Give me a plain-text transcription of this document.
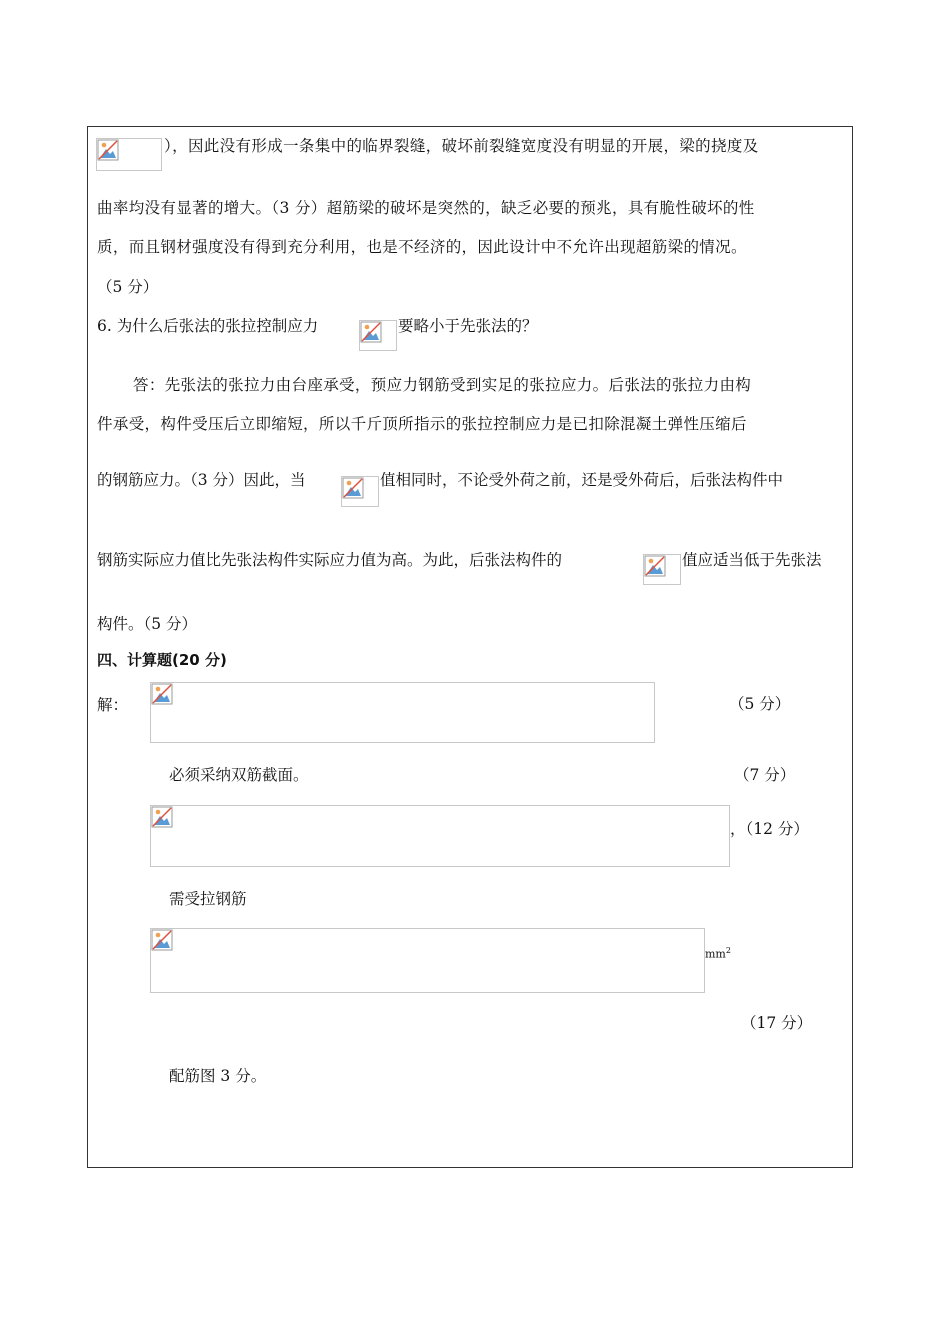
），因此没有形成一条集中的临界裂缝，破坏前裂缝宽度没有明显的开展，梁的挠度及
曲率均没有显著的增大。（3 分）超筋梁的破坏是突然的，缺乏必要的预兆，具有脆性破坏的性
质，而且钢材强度没有得到充分利用，也是不经济的，因此设计中不允许出现超筋梁的情况。
（5 分）
6. 为什么后张法的张拉控制应力	要略小于先张法的？
答：先张法的张拉力由台座承受，预应力钢筋受到实足的张拉应力。后张法的张拉力由构
件承受，构件受压后立即缩短，所以千斤顶所指示的张拉控制应力是已扣除混凝土弹性压缩后
的钢筋应力。（3 分）因此，当	值相同时，不论受外荷之前，还是受外荷后，后张法构件中
钢筋实际应力值比先张法构件实际应力值为高。为此，后张法构件的	值应适当低于先张法
构件。（5 分）
四、计算题(20 分)
解：	（5 分）
必须采纳双筋截面。	（7 分）
，（12 分）
需受拉钢筋
$mm^2$
（17 分）
配筋图 3 分。
